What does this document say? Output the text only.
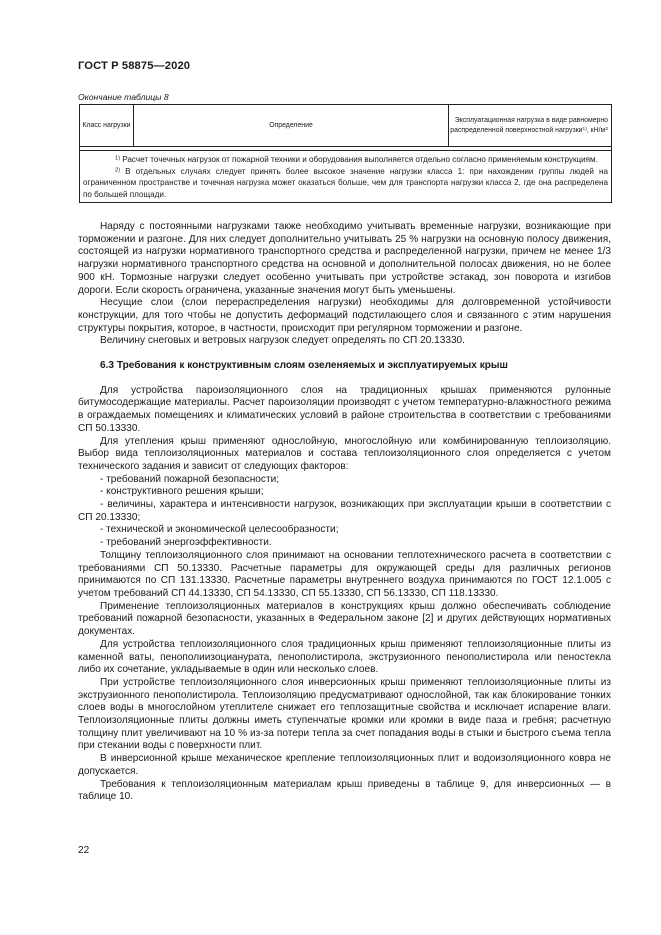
ГОСТ Р 58875—2020
Окончание таблицы 8
Класс нагрузки	Определение
Эксплуатационная нагрузка в виде равномерно распределенной поверхностной нагрузки$^{1)}$, $кН/м^2$

$^{1)}$ Расчет точечных нагрузок от пожарной техники и оборудования выполняется отдельно согласно применяемым конструкциям.

$^{2)}$ В отдельных случаях следует принять более высокое значение нагрузки класса 1: при нахождении группы людей на ограниченном пространстве и точечная нагрузка может оказаться больше, чем для транспорта нагрузки класса 2, где она распределена по большей площади.

Наряду с постоянными нагрузками также необходимо учитывать временные нагрузки, возникающие при торможении и разгоне. Для них следует дополнительно учитывать 25 % нагрузки на основную полосу движения, состоящей из нагрузки нормативного транспортного средства и распределенной нагрузки, причем не менее 1/3 нагрузки нормативного транспортного средства на основной и дополнительной полосах движения, но не более 900 кН. Тормозные нагрузки следует особенно учитывать при устройстве эстакад, зон поворота и изгибов дороги. Если скорость ограничена, указанные значения могут быть уменьшены.

Несущие слои (слои перераспределения нагрузки) необходимы для долговременной устойчивости конструкции, для того чтобы не допустить деформаций подстилающего слоя и связанного с этим нарушения структуры покрытия, которое, в частности, происходит при регулярном торможении и разгоне.

Величину снеговых и ветровых нагрузок следует определять по СП 20.13330.

6.3 Требования к конструктивным слоям озеленяемых и эксплуатируемых крыш

Для устройства пароизоляционного слоя на традиционных крышах применяются рулонные битумосодержащие материалы. Расчет пароизоляции производят с учетом температурно-влажностного режима в ограждаемых помещениях и климатических условий в районе строительства в соответствии с требованиями СП 50.13330.

Для утепления крыш применяют однослойную, многослойную или комбинированную теплоизоляцию. Выбор вида теплоизоляционных материалов и состава теплоизоляционного слоя определяется с учетом технического задания и зависит от следующих факторов:

- требований пожарной безопасности;

- конструктивного решения крыши;

- величины, характера и интенсивности нагрузок, возникающих при эксплуатации крыши в соответствии с СП 20.13330;

- технической и экономической целесообразности;

- требований энергоэффективности.

Толщину теплоизоляционного слоя принимают на основании теплотехнического расчета в соответствии с требованиями СП 50.13330. Расчетные параметры для окружающей среды для различных регионов принимаются по СП 131.13330. Расчетные параметры внутреннего воздуха принимаются по ГОСТ 12.1.005 с учетом требований СП 44.13330, СП 54.13330, СП 55.13330, СП 56.13330, СП 118.13330.

Применение теплоизоляционных материалов в конструкциях крыш должно обеспечивать соблюдение требований пожарной безопасности, указанных в Федеральном законе [2] и других действующих нормативных документах.

Для устройства теплоизоляционного слоя традиционных крыш применяют теплоизоляционные плиты из каменной ваты, пенополиизоцианурата, пенополистирола, экструзионного пенополистирола или пеностекла либо их сочетание, укладываемые в один или несколько слоев.

При устройстве теплоизоляционного слоя инверсионных крыш применяют теплоизоляционные плиты из экструзионного пенополистирола. Теплоизоляцию предусматривают однослойной, так как блокирование тонких слоев воды в многослойном утеплителе снижает его теплозащитные свойства и исключает испарение влаги. Теплоизоляционные плиты должны иметь ступенчатые кромки или кромки в виде паза и гребня; расчетную толщину плит увеличивают на 10 % из-за потери тепла за счет попадания воды в стыки и быстрого съема тепла при стекании воды с поверхности плит.

В инверсионной крыше механическое крепление теплоизоляционных плит и водоизоляционного ковра не допускается.

Требования к теплоизоляционным материалам крыш приведены в таблице 9, для инверсионных — в таблице 10.

22
